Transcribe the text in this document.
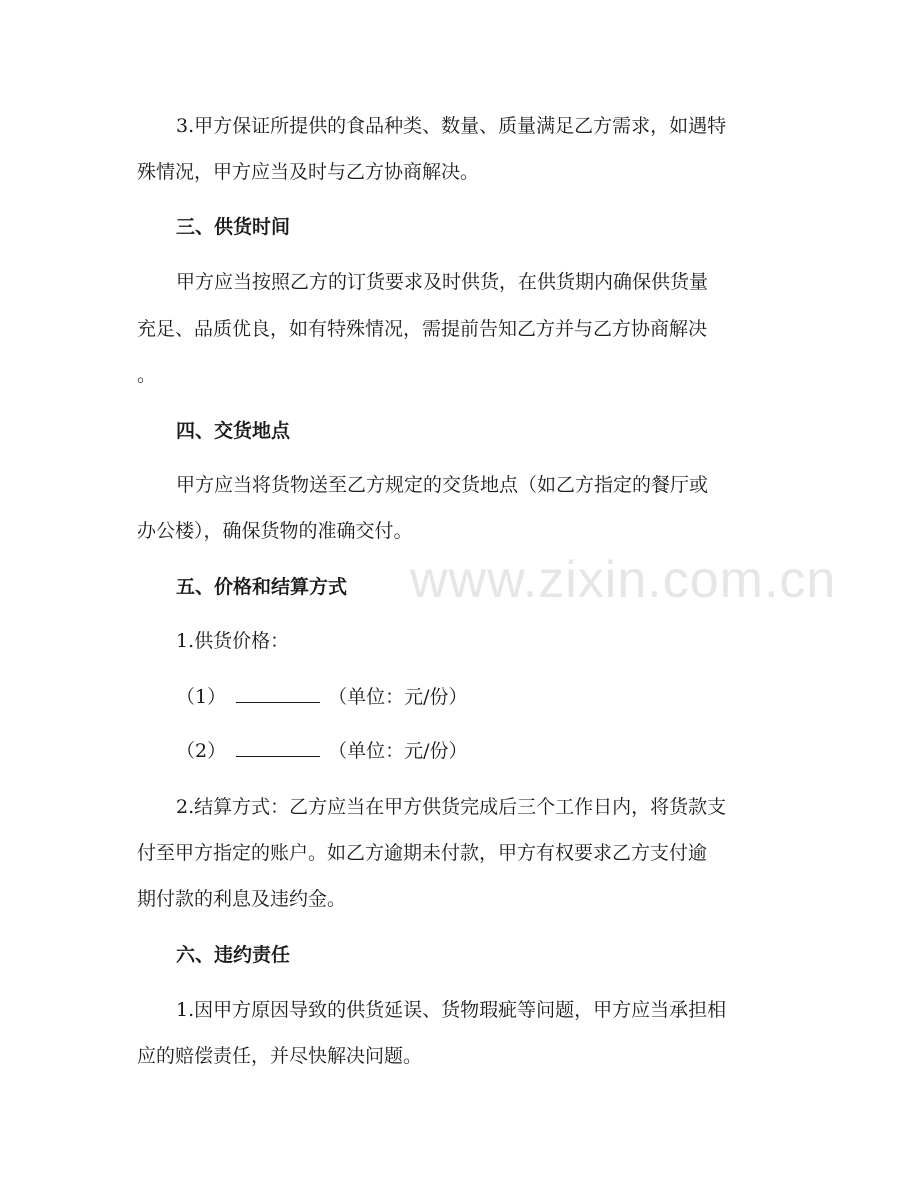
www.zixin.com.cn
3.甲方保证所提供的食品种类、数量、质量满足乙方需求，如遇特
殊情况，甲方应当及时与乙方协商解决。
三、供货时间
甲方应当按照乙方的订货要求及时供货，在供货期内确保供货量
充足、品质优良，如有特殊情况，需提前告知乙方并与乙方协商解决
。
四、交货地点
甲方应当将货物送至乙方规定的交货地点（如乙方指定的餐厅或
办公楼），确保货物的准确交付。
五、价格和结算方式
1.供货价格：
（1）	（单位：元/份）
（2）	（单位：元/份）
2.结算方式：乙方应当在甲方供货完成后三个工作日内，将货款支
付至甲方指定的账户。如乙方逾期未付款，甲方有权要求乙方支付逾
期付款的利息及违约金。
六、违约责任
1.因甲方原因导致的供货延误、货物瑕疵等问题，甲方应当承担相
应的赔偿责任，并尽快解决问题。
